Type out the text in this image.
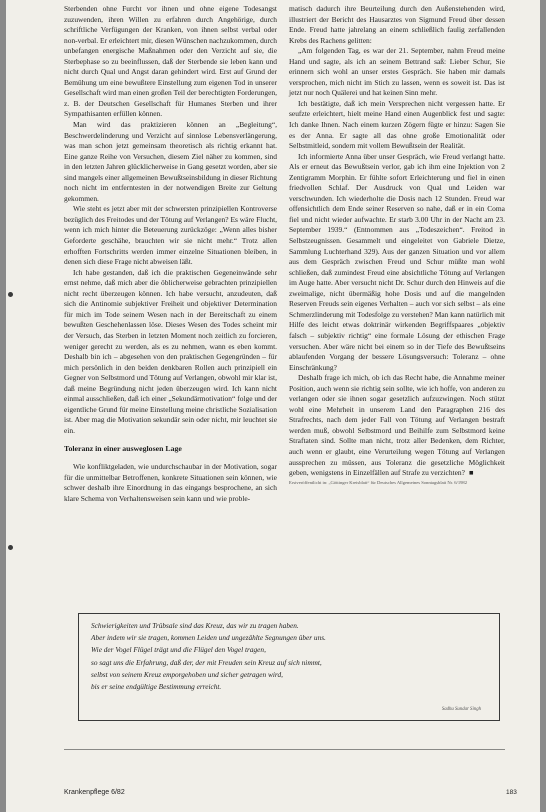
Sterbenden ohne Furcht vor ihnen und ohne eigene Todesangst zuzuwenden, ihren Willen zu erfahren durch Angehörige, durch schriftliche Verfügungen der Kranken, von ihnen selbst verbal oder non-verbal. Er erleichtert mir, diesen Wünschen nachzukommen, durch unbefangen energische Maßnahmen oder den Verzicht auf sie, die Sterbephase so zu beeinflussen, daß der Sterbende sie leben kann und nicht durch Qual und Angst daran gehindert wird. Erst auf Grund der Bemühung um eine bewußtere Einstellung zum eigenen Tod in unserer Gesellschaft wird man einen großen Teil der berechtigten Forderungen, z. B. der Deutschen Gesellschaft für Humanes Sterben und ihrer Sympathisanten erfüllen können.

Man wird das praktizieren können an „Begleitung“, Beschwerdelinderung und Verzicht auf sinnlose Lebensverlängerung, was man schon jetzt gemeinsam theoretisch als richtig erkannt hat. Eine ganze Reihe von Versuchen, diesem Ziel näher zu kommen, sind in den letzten Jahren glücklicherweise in Gang gesetzt worden, aber sie sind mangels einer allgemeinen Bewußtseinsbildung in dieser Richtung noch nicht im entferntesten in der notwendigen Breite zur Geltung gekommen.

Wie steht es jetzt aber mit der schwersten prinzipiellen Kontroverse bezüglich des Freitodes und der Tötung auf Verlangen? Es wäre Flucht, wenn ich mich hinter die Beteuerung zurückzöge: „Wenn alles bisher Geforderte geschähe, brauchten wir sie nicht mehr.“ Trotz allen erhofften Fortschritts werden immer einzelne Situationen bleiben, in denen sich diese Frage nicht abweisen läßt.

Ich habe gestanden, daß ich die praktischen Gegeneinwände sehr ernst nehme, daß mich aber die öblicherweise gebrachten prinzipiellen nicht recht überzeugen können. Ich habe versucht, anzudeuten, daß sich die Antinomie subjektiver Freiheit und objektiver Determination für mich im Tode seinem Wesen nach in der Bereitschaft zu einem bewußten Geschehenlassen löse. Dieses Wesen des Todes scheint mir der Versuch, das Sterben in letzten Moment noch zeitlich zu forcieren, weniger gerecht zu werden, als es zu nehmen, wann es eben kommt. Deshalb bin ich – abgesehen von den praktischen Gegengründen – für mich persönlich in den beiden denkbaren Rollen auch prinzipiell ein Gegner von Selbstmord und Tötung auf Verlangen, obwohl mir klar ist, daß meine Begründung nicht jeden überzeugen wird. Ich kann nicht einmal ausschließen, daß ich einer „Sekundärmotivation“ folge und der eigentliche Grund für meine Einstellung meine christliche Sozialisation ist. Aber mag die Motivation sekundär sein oder nicht, mir leuchtet sie ein.

Toleranz in einer ausweglosen Lage

Wie konfliktgeladen, wie undurchschaubar in der Motivation, sogar für die unmittelbar Betroffenen, konkrete Situationen sein können, wie schwer deshalb ihre Einordnung in das eingangs besprochene, an sich klare Schema von Verhaltensweisen sein kann und wie proble-

matisch dadurch ihre Beurteilung durch den Außenstehenden wird, illustriert der Bericht des Hausarztes von Sigmund Freud über dessen Ende. Freud hatte jahrelang an einem schließlich faulig zerfallenden Krebs des Rachens gelitten:

„Am folgenden Tag, es war der 21. September, nahm Freud meine Hand und sagte, als ich an seinem Bettrand saß: Lieber Schur, Sie erinnern sich wohl an unser erstes Gespräch. Sie haben mir damals versprochen, mich nicht im Stich zu lassen, wenn es soweit ist. Das ist jetzt nur noch Quälerei und hat keinen Sinn mehr.

Ich bestätigte, daß ich mein Versprechen nicht vergessen hatte. Er seufzte erleichtert, hielt meine Hand einen Augenblick fest und sagte: Ich danke Ihnen. Nach einem kurzen Zögern fügte er hinzu: Sagen Sie es der Anna. Er sagte all das ohne große Emotionalität oder Selbstmitleid, sondern mit vollem Bewußtsein der Realität.

Ich informierte Anna über unser Gespräch, wie Freud verlangt hatte. Als er erneut das Bewußtsein verlor, gab ich ihm eine Injektion von 2 Zentigramm Morphin. Er fühlte sofort Erleichterung und fiel in einen friedvollen Schlaf. Der Ausdruck von Qual und Leiden war verschwunden. Ich wiederholte die Dosis nach 12 Stunden. Freud war offensichtlich dem Ende seiner Reserven so nahe, daß er in ein Coma fiel und nicht wieder aufwachte. Er starb 3.00 Uhr in der Nacht am 23. September 1939.“ (Entnommen aus „Todeszeichen“. Freitod in Selbstzeugnissen. Gesammelt und eingeleitet von Gabriele Dietze, Sammlung Luchterhand 329). Aus der ganzen Situation und vor allem aus dem Gespräch zwischen Freud und Schur müßte man wohl schließen, daß zumindest Freud eine absichtliche Tötung auf Verlangen im Auge hatte. Aber versucht nicht Dr. Schur durch den Hinweis auf die zweimalige, nicht übermäßig hohe Dosis und auf die mangelnden Reserven Freuds sein eigenes Verhalten – auch vor sich selbst – als eine Schmerzlinderung mit Todesfolge zu verstehen? Man kann natürlich mit Hilfe des leicht etwas doktrinär wirkenden Begriffspaares „objektiv falsch – subjektiv richtig“ eine formale Lösung der ethischen Frage versuchen. Aber wäre nicht bei einem so in der Tiefe des Bewußtseins ablaufenden Vorgang der bessere Lösungsversuch: Toleranz – ohne Einschränkung?

Deshalb frage ich mich, ob ich das Recht habe, die Annahme meiner Position, auch wenn sie richtig sein sollte, wie ich hoffe, von anderen zu verlangen oder sie ihnen sogar gesetzlich aufzuzwingen. Noch stützt wohl eine Mehrheit in unserem Land den Paragraphen 216 des Strafrechts, nach dem jeder Fall von Tötung auf Verlangen bestraft werden muß, obwohl Selbstmord und Beihilfe zum Selbstmord keine Straftaten sind. Sollte man nicht, trotz aller Bedenken, dem Richter, auch wenn er glaubt, eine Verurteilung wegen Tötung auf Verlangen aussprechen zu müssen, aus Toleranz die gesetzliche Möglichkeit geben, wenigstens in Einzelfällen auf Strafe zu verzichten? ■

Erstveröffentlicht in: „Göttinger Kreisblatt“ für Deutsches Allgemeines Sonntagsblatt Nr. 6/1982

Schwierigkeiten und Trübsale sind das Kreuz, das wir zu tragen haben.
Aber indem wir sie tragen, kommen Leiden und ungezählte Segnungen über uns.
Wie der Vogel Flügel trägt und die Flügel den Vogel tragen,
so sagt uns die Erfahrung, daß der, der mit Freuden sein Kreuz auf sich nimmt,
selbst von seinem Kreuz emporgehoben und sicher getragen wird,
bis er seine endgültige Bestimmung erreicht.
Sadhu Sundar Singh
Krankenpflege 6/82	183
